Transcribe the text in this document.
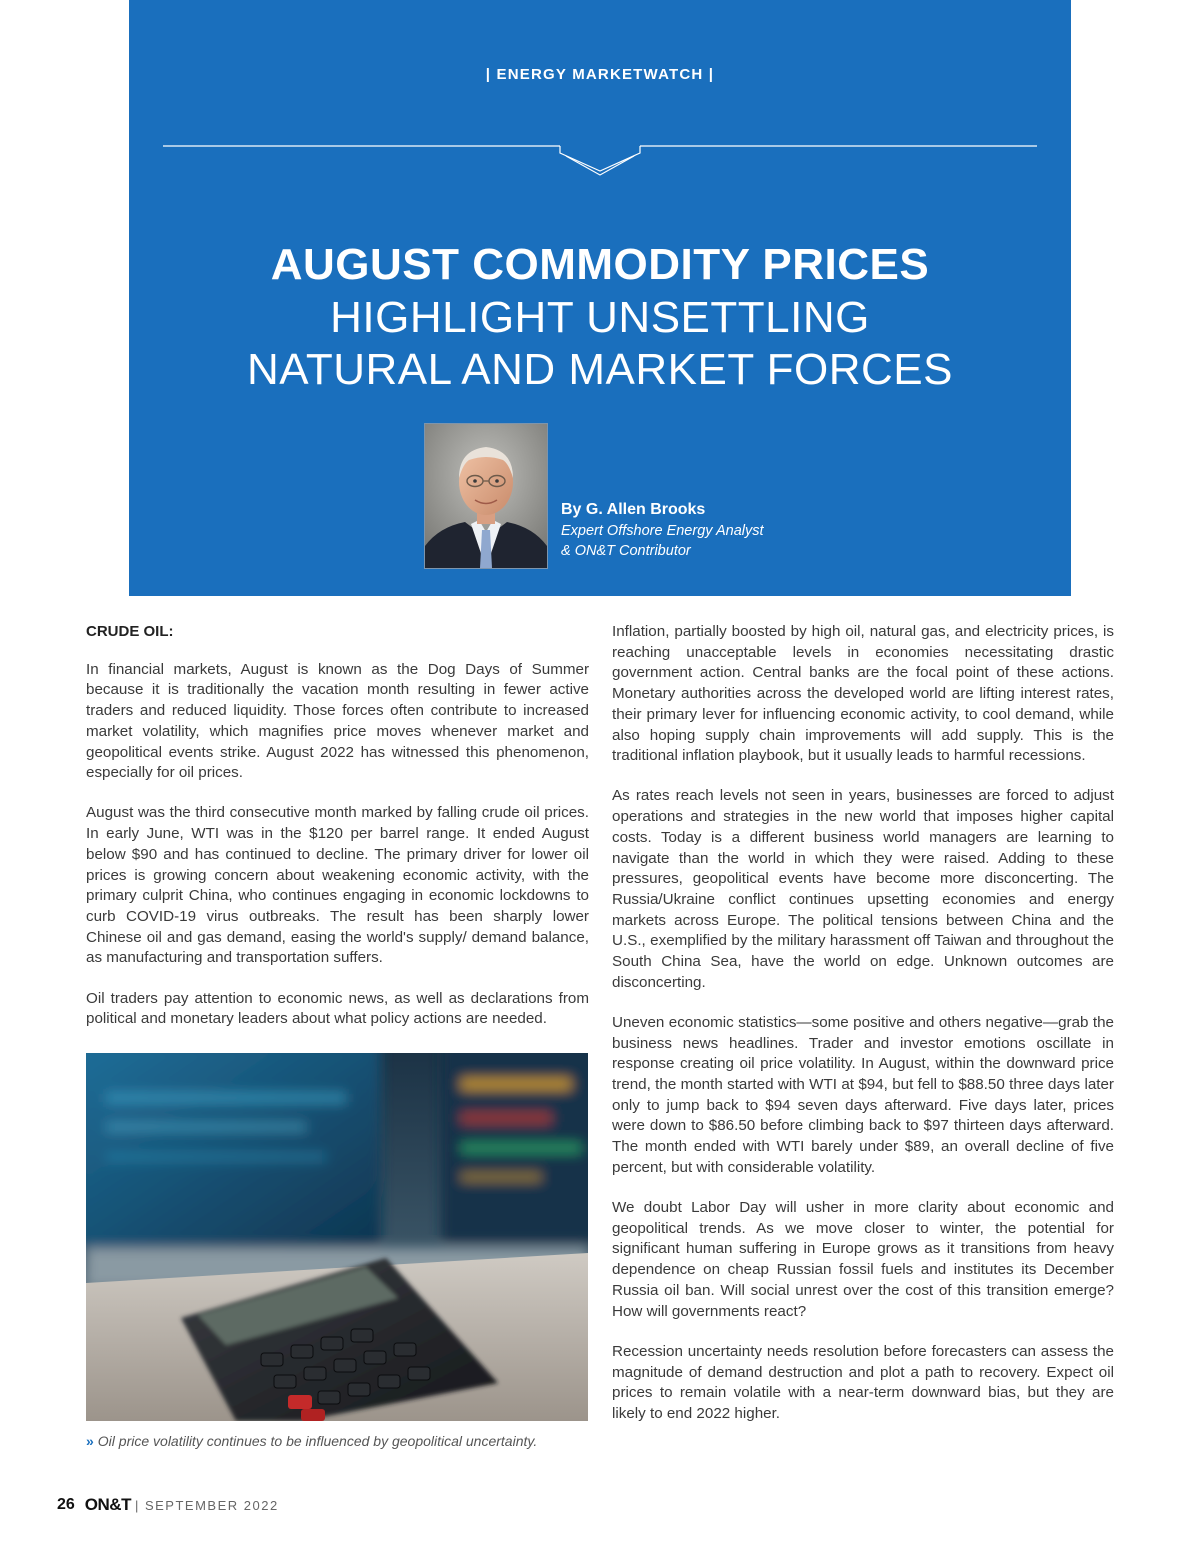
| ENERGY MARKETWATCH |
AUGUST COMMODITY PRICES
HIGHLIGHT UNSETTLING
NATURAL AND MARKET FORCES
By G. Allen Brooks
Expert Offshore Energy Analyst
& ON&T Contributor
CRUDE OIL:

In financial markets, August is known as the Dog Days of Summer because it is traditionally the vacation month resulting in fewer active traders and reduced liquidity. Those forces often contribute to increased market volatility, which magnifies price moves whenever market and geopolitical events strike. August 2022 has witnessed this phenomenon, especially for oil prices.

August was the third consecutive month marked by falling crude oil prices. In early June, WTI was in the $120 per barrel range. It ended August below $90 and has continued to decline. The primary driver for lower oil prices is growing concern about weakening economic activity, with the primary culprit China, who continues engaging in economic lockdowns to curb COVID-19 virus outbreaks. The result has been sharply lower Chinese oil and gas demand, easing the world's supply/ demand balance, as manufacturing and transportation suffers.

Oil traders pay attention to economic news, as well as declarations from political and monetary leaders about what policy actions are needed.

» Oil price volatility continues to be influenced by geopolitical uncertainty.

Inflation, partially boosted by high oil, natural gas, and electricity prices, is reaching unacceptable levels in economies necessitating drastic government action. Central banks are the focal point of these actions. Monetary authorities across the developed world are lifting interest rates, their primary lever for influencing economic activity, to cool demand, while also hoping supply chain improvements will add supply. This is the traditional inflation playbook, but it usually leads to harmful recessions.

As rates reach levels not seen in years, businesses are forced to adjust operations and strategies in the new world that imposes higher capital costs. Today is a different business world managers are learning to navigate than the world in which they were raised. Adding to these pressures, geopolitical events have become more disconcerting. The Russia/Ukraine conflict continues upsetting economies and energy markets across Europe. The political tensions between China and the U.S., exemplified by the military harassment off Taiwan and throughout the South China Sea, have the world on edge. Unknown outcomes are disconcerting.

Uneven economic statistics—some positive and others negative—grab the business news headlines. Trader and investor emotions oscillate in response creating oil price volatility. In August, within the downward price trend, the month started with WTI at $94, but fell to $88.50 three days later only to jump back to $94 seven days afterward. Five days later, prices were down to $86.50 before climbing back to $97 thirteen days afterward. The month ended with WTI barely under $89, an overall decline of five percent, but with considerable volatility.

We doubt Labor Day will usher in more clarity about economic and geopolitical trends. As we move closer to winter, the potential for significant human suffering in Europe grows as it transitions from heavy dependence on cheap Russian fossil fuels and institutes its December Russia oil ban. Will social unrest over the cost of this transition emerge? How will governments react?

Recession uncertainty needs resolution before forecasters can assess the magnitude of demand destruction and plot a path to recovery. Expect oil prices to remain volatile with a near-term downward bias, but they are likely to end 2022 higher.

26 ON&T | SEPTEMBER 2022
